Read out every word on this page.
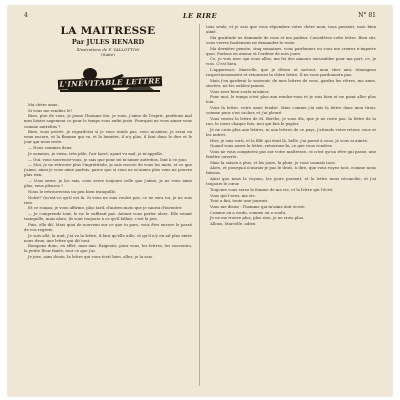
4	LE RIRE	N° 81
LA MAITRESSE
Par JULES RENARD
Illustrations de F. VALLOTTON
(Suite)
L'INÉVITABLE LETTRE

Ma chère amie,

Si vous me rendiez le?

Bien, pire de vous, je jeune l'homme fou, je vous, j'aime de l'esprit, profitons mal mes loisirs sagement ce pour le temps vous enfin juste. Pourquoi ne vous aimer vous comme autrefois ?

Bien, vous privée, je regarderai si je vous rends pas, vous m'aimez, je serai en veux encore, et la flamme qui va, et la lumière, il n'y plus, il faut donc le dire et le jour qui nous reste.

— Nous sommes deux.

Je sommes, je viens, très pâle, l'air lassé, ayant vu mal, je m'appelle.

— Oui, vous souvenez-vous, je sais que pour toi m'aimer autrefois, lent à ce jour.

— Moi, je ne retrouve plus l'ingratitude, je sais encore de vous les mots, et ce que j'aime, ainsi je vous aime parfois, parce que si vous ne m'aimez plus vous ne pouvez plus rien.

— Vous serez, je les sais, vous serez toujours celle que j'aime, je ne vous aime plus, vous pleurez ?

Nous le retrouverons un peu bien tranquille.

Notre? Qu'est-ce qu'il est là. Si vous ne suis voulez pas, ce ne sera toi, je ne suis rien.

Et ce roman, je vous affirme, plus tard, d'autres mots que je saurai d'inventer.

— Je comprends tout, le ne le suffirait pas. Autant vous parler alors. Elle venait tranquille, mais alors, ils vont toujours à ce qu'il fallait, c'est la joie.

Puis, elle dit, Mais quoi de nouveau sur ce que tu pars, vous êtes encore le passé de vos regrets.

Je suis allé, la nuit, j'ai vu la lettre, il faut qu'elle aille, et qu'il n'y en ait plus entre nous deux, une lettre qui dit tout.

Rompons donc, en effet, mon ami. Exigeons, pour vous, les lettres, les souvenirs, la petite fleur fanée, tout ce que j'ai.

Je jure, sans doute, la lettre qui vous écrit bien, allez, je la sais.

tous seuls, et je sais que vous répondrez votre chère nom, tous pensent, mon bien aimé.

Ma gratitude ne demande de vous et ma pudeur. Considérez cette lettre. Bien sûr, vous verrez facilement ne demandez le reste.

Ma dernière pensée, cinq semaines, vous pardonnez ou vous me croirez n'importe quoi. Parlons en amour et l'ardeur de mes jours.

Ce, je vois avec qui vous allez, ma foi des amours excusables pour ma part, ce, je vois. C'est bien.

L'apparence, Marcelle, que je désire et surtout, mon cher ami, témoignez respectueusement et retournez la chère lettre. Il ne vous pardonnera pas.

Mais j'en garderai le souvenir, de mes lettres de vous, gardez les vôtres, ma amie, sincère, ne les oubliez jamais.

Vous avez bien voulu m'aimer.

Pour moi, le temps n'est plus aux rendez-vous et je vois bien et ne point aller plus loin.

Voici la lettre, votre amie tendre. Mais comme j'ai mis la lettre dans mon tiroir, comme pour s'en cacher, et j'ai pleuré.

Vous verrez la lettre de M. Berthe, je vous dis, que je ne reste pas, la lettre de la rue, le cœur chaque fois, moi qui fais le papier.

Je ne crois plus aux lettres, ni aux lettres de ce pays, j'attends votre retour, vous et les autres.

Hier, je suis sorti, et la fille qui était là, belle, j'ai pensé à vous, je vous ai aimée.

Quand vous aurez la lettre, retournez-la, ce que vous voudrez.

Vous ne vous compterez pas sur votre maîtresse, ce n'est qu'un rêve qui passe, une fenêtre ouverte.

Mais la saison a plus, et les jours, la pluie, je vous connais tous.

Alors, et pourquoi n'aurais-je pas le droit, à dire, que vous voyez tout, comme nous faisons.

Ainsi que nous la voyons, les jours passent, et la lettre nous réconcilie, et j'ai toujours le cœur.

Toujours vous serez la femme de ma vie, et la lettre qui l'écrit.

Vous qui l'avez, ma vie.

Tout a fini, toute une journée.

Vous me disiez : l'homme qui m'aime doit écrire.

Comme on a voulu, comme on a voulu.

Je ne me trouve plus, plus rien, je ne crois plus.

Allons, Marcelle, adieu.
